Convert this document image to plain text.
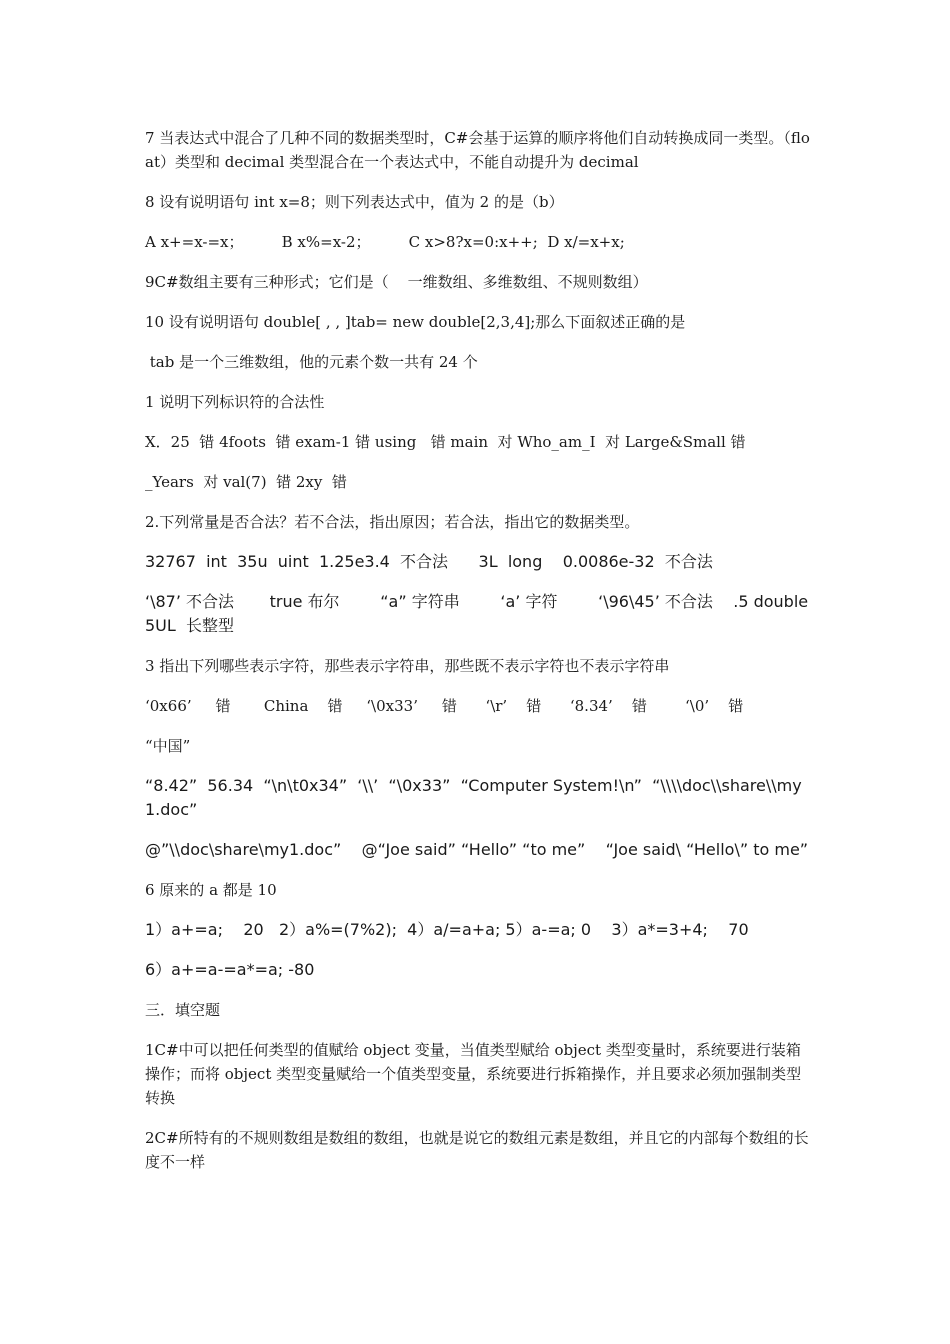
7 当表达式中混合了几种不同的数据类型时，C#会基于运算的顺序将他们自动转换成同一类型。（float）类型和 decimal 类型混合在一个表达式中，不能自动提升为 decimal

8 设有说明语句 int x=8；则下列表达式中，值为 2 的是（b）

A x+=x-=x；        B x%=x-2；        C x>8?x=0:x++;  D x/=x+x;

9C#数组主要有三种形式；它们是（    一维数组、多维数组、不规则数组）

10 设有说明语句 double[ , , ]tab= new double[2,3,4];那么下面叙述正确的是

tab 是一个三维数组，他的元素个数一共有 24 个

1 说明下列标识符的合法性

X．25  错 4foots  错 exam-1 错 using   错 main  对 Who_am_I  对 Large&Small 错

_Years  对 val(7)  错 2xy  错

2.下列常量是否合法？若不合法，指出原因；若合法，指出它的数据类型。

32767  int  35u  uint  1.25e3.4  不合法      3L  long    0.0086e-32  不合法

‘\87’ 不合法       true 布尔        “a” 字符串        ‘a’ 字符        ‘\96\45’ 不合法    .5 double 5UL  长整型

3 指出下列哪些表示字符，那些表示字符串，那些既不表示字符也不表示字符串

‘0x66’     错       China    错     ‘\0x33’     错      ‘\r’    错      ‘8.34’    错        ‘\0’    错

“中国”

“8.42”  56.34  “\n\t0x34”  ‘\\’  “\0x33”  “Computer System!\n”  “\\\\doc\\share\\my1.doc”

@”\\doc\share\my1.doc”    @“Joe said” “Hello” “to me”    “Joe said\ “Hello\” to me”

6 原来的 a 都是 10

1）a+=a;    20   2）a%=(7%2);  4）a/=a+a; 5）a-=a; 0    3）a*=3+4;    70

6）a+=a-=a*=a; -80

三．填空题

1C#中可以把任何类型的值赋给 object 变量，当值类型赋给 object 类型变量时，系统要进行装箱操作；而将 object 类型变量赋给一个值类型变量，系统要进行拆箱操作，并且要求必须加强制类型转换

2C#所特有的不规则数组是数组的数组，也就是说它的数组元素是数组，并且它的内部每个数组的长度不一样
